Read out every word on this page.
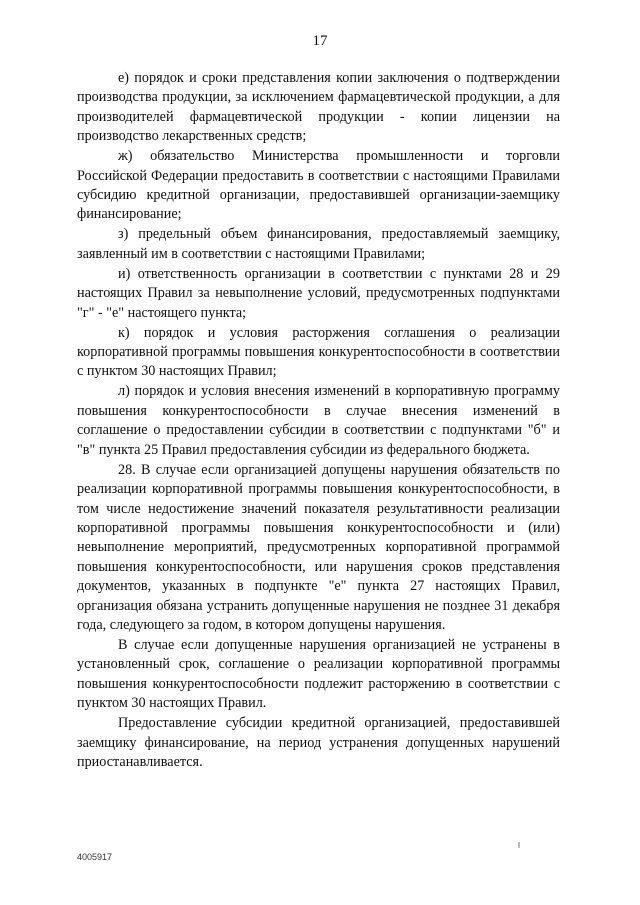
17

е) порядок и сроки представления копии заключения о подтверждении производства продукции, за исключением фармацевтической продукции, а для производителей фармацевтической продукции - копии лицензии на производство лекарственных средств;

ж) обязательство Министерства промышленности и торговли Российской Федерации предоставить в соответствии с настоящими Правилами субсидию кредитной организации, предоставившей организации-заемщику финансирование;

з) предельный объем финансирования, предоставляемый заемщику, заявленный им в соответствии с настоящими Правилами;

и) ответственность организации в соответствии с пунктами 28 и 29 настоящих Правил за невыполнение условий, предусмотренных подпунктами "г" - "е" настоящего пункта;

к) порядок и условия расторжения соглашения о реализации корпоративной программы повышения конкурентоспособности в соответствии с пунктом 30 настоящих Правил;

л) порядок и условия внесения изменений в корпоративную программу повышения конкурентоспособности в случае внесения изменений в соглашение о предоставлении субсидии в соответствии с подпунктами "б" и "в" пункта 25 Правил предоставления субсидии из федерального бюджета.

28. В случае если организацией допущены нарушения обязательств по реализации корпоративной программы повышения конкурентоспособности, в том числе недостижение значений показателя результативности реализации корпоративной программы повышения конкурентоспособности и (или) невыполнение мероприятий, предусмотренных корпоративной программой повышения конкурентоспособности, или нарушения сроков представления документов, указанных в подпункте "е" пункта 27 настоящих Правил, организация обязана устранить допущенные нарушения не позднее 31 декабря года, следующего за годом, в котором допущены нарушения.

В случае если допущенные нарушения организацией не устранены в установленный срок, соглашение о реализации корпоративной программы повышения конкурентоспособности подлежит расторжению в соответствии с пунктом 30 настоящих Правил.

Предоставление субсидии кредитной организацией, предоставившей заемщику финансирование, на период устранения допущенных нарушений приостанавливается.

4005917
